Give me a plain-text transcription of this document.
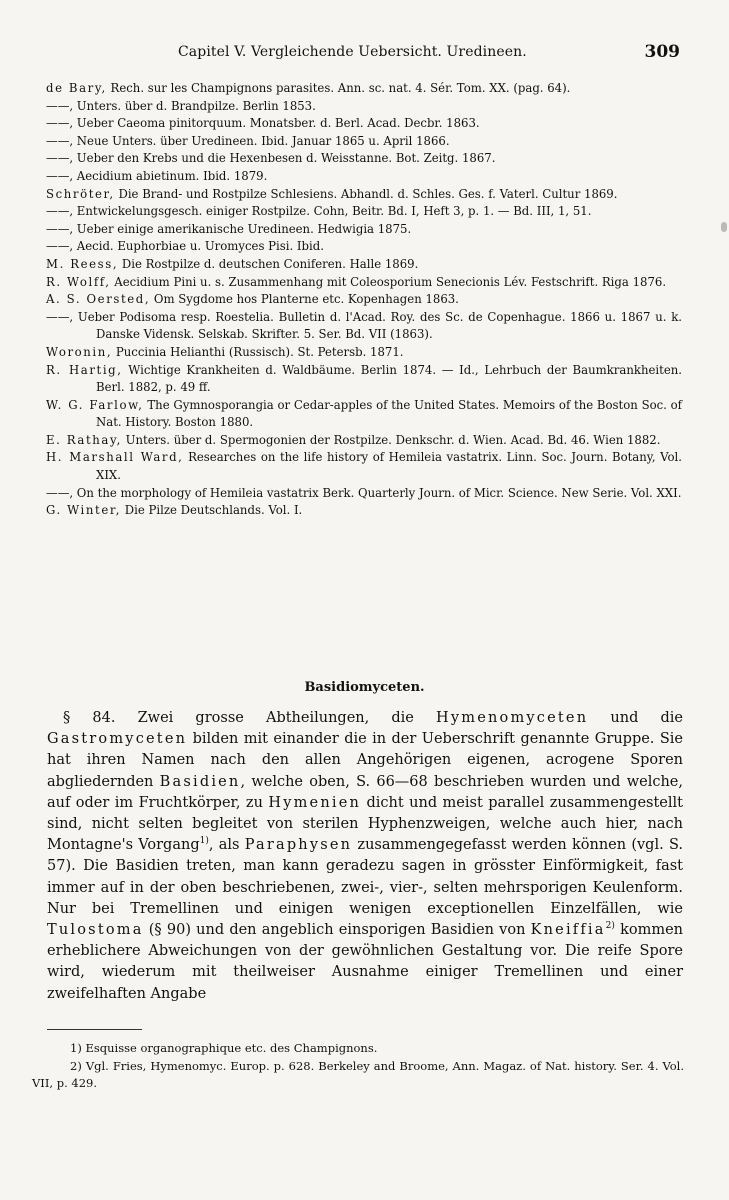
Capitel V. Vergleichende Uebersicht. Uredineen.	309

de Bary, Rech. sur les Champignons parasites. Ann. sc. nat. 4. Sér. Tom. XX. (pag. 64).

——, Unters. über d. Brandpilze. Berlin 1853.

——, Ueber Caeoma pinitorquum. Monatsber. d. Berl. Acad. Decbr. 1863.

——, Neue Unters. über Uredineen. Ibid. Januar 1865 u. April 1866.

——, Ueber den Krebs und die Hexenbesen d. Weisstanne. Bot. Zeitg. 1867.

——, Aecidium abietinum. Ibid. 1879.

Schröter, Die Brand- und Rostpilze Schlesiens. Abhandl. d. Schles. Ges. f. Vaterl. Cultur 1869.

——, Entwickelungsgesch. einiger Rostpilze. Cohn, Beitr. Bd. I, Heft 3, p. 1. — Bd. III, 1, 51.

——, Ueber einige amerikanische Uredineen. Hedwigia 1875.

——, Aecid. Euphorbiae u. Uromyces Pisi. Ibid.

M. Reess, Die Rostpilze d. deutschen Coniferen. Halle 1869.

R. Wolff, Aecidium Pini u. s. Zusammenhang mit Coleosporium Senecionis Lév. Festschrift. Riga 1876.

A. S. Oersted, Om Sygdome hos Planterne etc. Kopenhagen 1863.

——, Ueber Podisoma resp. Roestelia. Bulletin d. l'Acad. Roy. des Sc. de Copenhague. 1866 u. 1867 u. k. Danske Vidensk. Selskab. Skrifter. 5. Ser. Bd. VII (1863).

Woronin, Puccinia Helianthi (Russisch). St. Petersb. 1871.

R. Hartig, Wichtige Krankheiten d. Waldbäume. Berlin 1874. — Id., Lehrbuch der Baumkrankheiten. Berl. 1882, p. 49 ff.

W. G. Farlow, The Gymnosporangia or Cedar-apples of the United States. Memoirs of the Boston Soc. of Nat. History. Boston 1880.

E. Rathay, Unters. über d. Spermogonien der Rostpilze. Denkschr. d. Wien. Acad. Bd. 46. Wien 1882.

H. Marshall Ward, Researches on the life history of Hemileia vastatrix. Linn. Soc. Journ. Botany, Vol. XIX.

——, On the morphology of Hemileia vastatrix Berk. Quarterly Journ. of Micr. Science. New Serie. Vol. XXI.

G. Winter, Die Pilze Deutschlands. Vol. I.

Basidiomyceten.

§ 84. Zwei grosse Abtheilungen, die Hymenomyceten und die Gastromyceten bilden mit einander die in der Ueberschrift genannte Gruppe. Sie hat ihren Namen nach den allen Angehörigen eigenen, acrogene Sporen abgliedernden Basidien, welche oben, S. 66—68 beschrieben wurden und welche, auf oder im Fruchtkörper, zu Hymenien dicht und meist parallel zusammengestellt sind, nicht selten begleitet von sterilen Hyphenzweigen, welche auch hier, nach Montagne's Vorgang$^{1)}$, als Paraphysen zusammengegefasst werden können (vgl. S. 57). Die Basidien treten, man kann geradezu sagen in grösster Einförmigkeit, fast immer auf in der oben beschriebenen, zwei-, vier-, selten mehrsporigen Keulenform. Nur bei Tremellinen und einigen wenigen exceptionellen Einzelfällen, wie Tulostoma (§ 90) und den angeblich einsporigen Basidien von Kneiffia$^{2)}$ kommen erheblichere Abweichungen von der gewöhnlichen Gestaltung vor. Die reife Spore wird, wiederum mit theilweiser Ausnahme einiger Tremellinen und einer zweifelhaften Angabe

1) Esquisse organographique etc. des Champignons.

2) Vgl. Fries, Hymenomyc. Europ. p. 628. Berkeley and Broome, Ann. Magaz. of Nat. history. Ser. 4. Vol. VII, p. 429.
